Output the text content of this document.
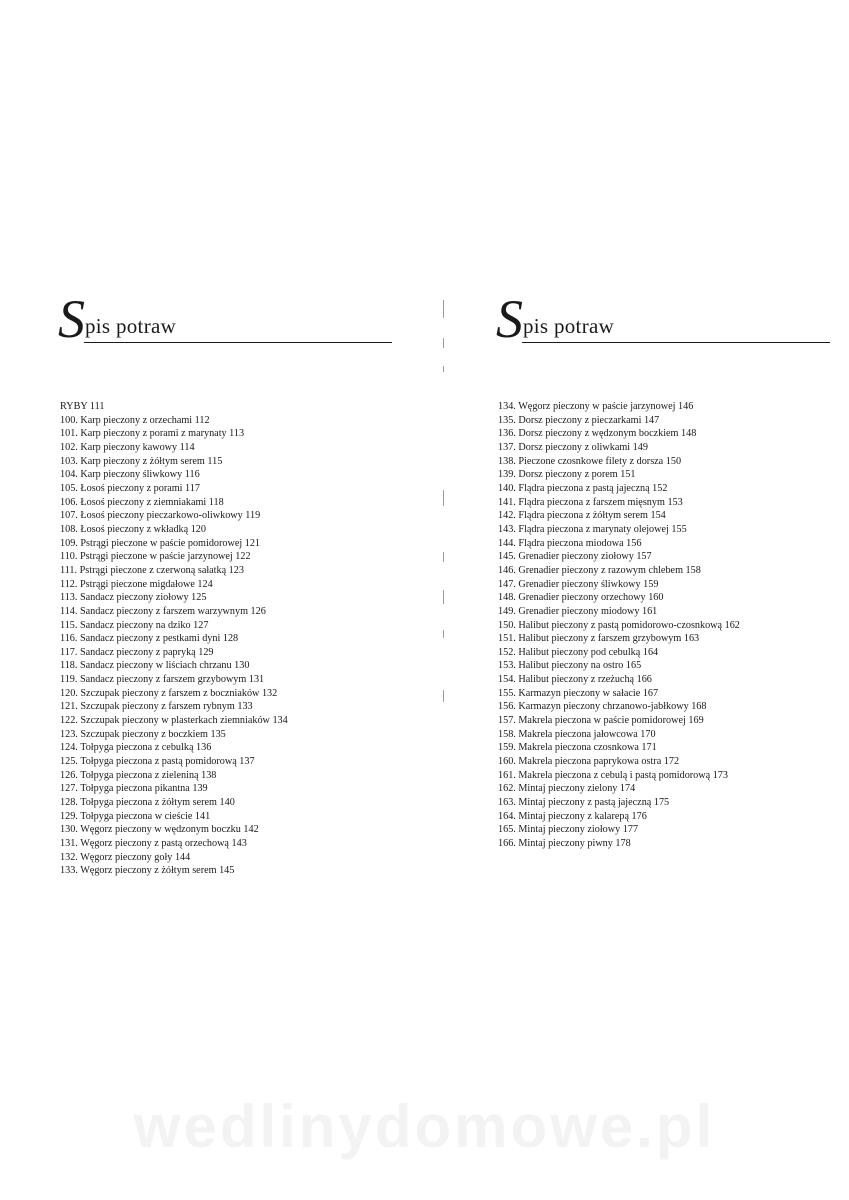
S pis potraw
RYBY 111
100. Karp pieczony z orzechami 112
101. Karp pieczony z porami z marynaty 113
102. Karp pieczony kawowy 114
103. Karp pieczony z żółtym serem 115
104. Karp pieczony śliwkowy 116
105. Łosoś pieczony z porami 117
106. Łosoś pieczony z ziemniakami 118
107. Łosoś pieczony pieczarkowo-oliwkowy 119
108. Łosoś pieczony z wkładką 120
109. Pstrągi pieczone w paście pomidorowej 121
110. Pstrągi pieczone w paście jarzynowej 122
111. Pstrągi pieczone z czerwoną sałatką 123
112. Pstrągi pieczone migdałowe 124
113. Sandacz pieczony ziołowy 125
114. Sandacz pieczony z farszem warzywnym 126
115. Sandacz pieczony na dziko 127
116. Sandacz pieczony z pestkami dyni 128
117. Sandacz pieczony z papryką 129
118. Sandacz pieczony w liściach chrzanu 130
119. Sandacz pieczony z farszem grzybowym 131
120. Szczupak pieczony z farszem z boczniaków 132
121. Szczupak pieczony z farszem rybnym 133
122. Szczupak pieczony w plasterkach ziemniaków 134
123. Szczupak pieczony z boczkiem 135
124. Tołpyga pieczona z cebulką 136
125. Tołpyga pieczona z pastą pomidorową 137
126. Tołpyga pieczona z zieleniną 138
127. Tołpyga pieczona pikantna 139
128. Tołpyga pieczona z żółtym serem 140
129. Tołpyga pieczona w cieście 141
130. Węgorz pieczony w wędzonym boczku 142
131. Węgorz pieczony z pastą orzechową 143
132. Węgorz pieczony goły 144
133. Węgorz pieczony z żółtym serem 145
S pis potraw
134. Węgorz pieczony w paście jarzynowej 146
135. Dorsz pieczony z pieczarkami 147
136. Dorsz pieczony z wędzonym boczkiem 148
137. Dorsz pieczony z oliwkami 149
138. Pieczone czosnkowe filety z dorsza 150
139. Dorsz pieczony z porem 151
140. Flądra pieczona z pastą jajeczną 152
141. Flądra pieczona z farszem mięsnym 153
142. Flądra pieczona z żółtym serem 154
143. Flądra pieczona z marynaty olejowej 155
144. Flądra pieczona miodowa 156
145. Grenadier pieczony ziołowy 157
146. Grenadier pieczony z razowym chlebem 158
147. Grenadier pieczony śliwkowy 159
148. Grenadier pieczony orzechowy 160
149. Grenadier pieczony miodowy 161
150. Halibut pieczony z pastą pomidorowo-czosnkową 162
151. Halibut pieczony z farszem grzybowym 163
152. Halibut pieczony pod cebulką 164
153. Halibut pieczony na ostro 165
154. Halibut pieczony z rzeżuchą 166
155. Karmazyn pieczony w sałacie 167
156. Karmazyn pieczony chrzanowo-jabłkowy 168
157. Makrela pieczona w paście pomidorowej 169
158. Makrela pieczona jałowcowa 170
159. Makrela pieczona czosnkowa 171
160. Makrela pieczona paprykowa ostra 172
161. Makrela pieczona z cebulą i pastą pomidorową 173
162. Mintaj pieczony zielony 174
163. Mintaj pieczony z pastą jajeczną 175
164. Mintaj pieczony z kalarepą 176
165. Mintaj pieczony ziołowy 177
166. Mintaj pieczony piwny 178
wedlinydomowe.pl
